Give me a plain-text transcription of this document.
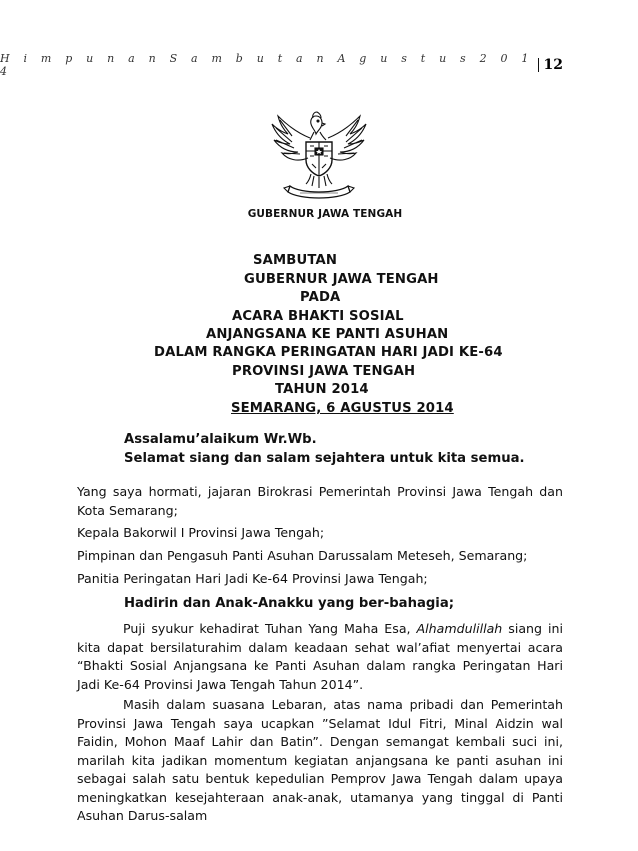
H i m p u n a n S a m b u t a n A g u s t u s 2 0 1 4	12
GUBERNUR JAWA TENGAH
SAMBUTAN
GUBERNUR JAWA TENGAH
PADA
ACARA BHAKTI SOSIAL
ANJANGSANA KE PANTI ASUHAN
DALAM RANGKA PERINGATAN HARI JADI KE-64
PROVINSI JAWA TENGAH
TAHUN 2014
SEMARANG, 6 AGUSTUS 2014
Assalamu’alaikum Wr.Wb.
Selamat siang dan salam sejahtera untuk kita semua.
Yang saya hormati, jajaran Birokrasi Pemerintah Provinsi Jawa Tengah dan Kota Semarang;
Kepala Bakorwil I Provinsi Jawa Tengah;
Pimpinan dan Pengasuh Panti Asuhan Darussalam Meteseh, Semarang;
Panitia Peringatan Hari Jadi Ke-64 Provinsi Jawa Tengah;
Hadirin dan Anak-Anakku yang ber-bahagia;
Puji syukur kehadirat Tuhan Yang Maha Esa, Alhamdulillah siang ini kita dapat bersilaturahim dalam keadaan sehat wal’afiat menyertai acara “Bhakti Sosial Anjangsana ke Panti Asuhan dalam rangka Peringatan Hari Jadi Ke-64 Provinsi Jawa Tengah Tahun 2014”.
Masih dalam suasana Lebaran, atas nama pribadi dan Pemerintah Provinsi Jawa Tengah saya ucapkan ”Selamat Idul Fitri, Minal Aidzin wal Faidin, Mohon Maaf Lahir dan Batin”. Dengan semangat kembali suci ini, marilah kita jadikan momentum kegiatan anjangsana ke panti asuhan ini sebagai salah satu bentuk kepedulian Pemprov Jawa Tengah dalam upaya meningkatkan kesejahteraan anak-anak, utamanya yang tinggal di Panti Asuhan Darus-salam
